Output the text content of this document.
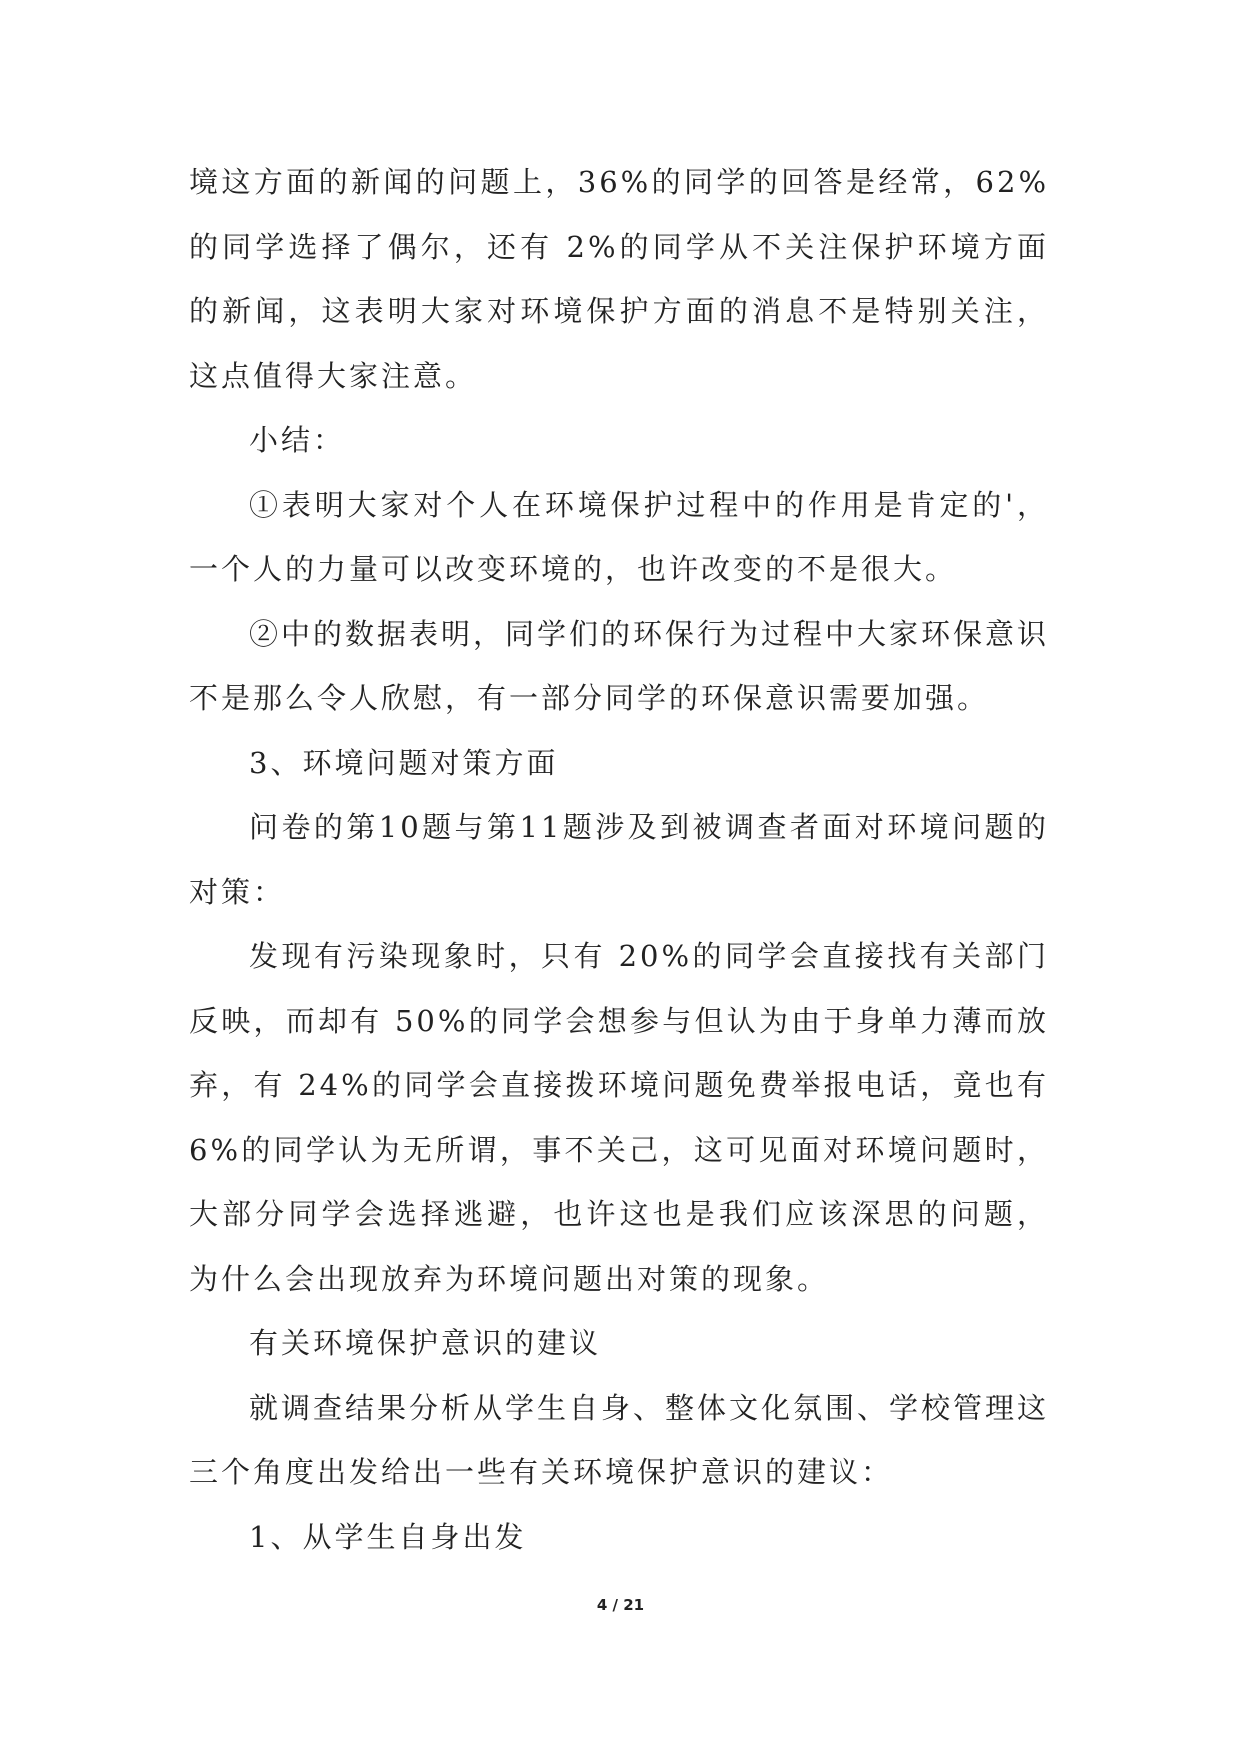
境这方面的新闻的问题上，36%的同学的回答是经常，62%的同学选择了偶尔，还有 2%的同学从不关注保护环境方面的新闻，这表明大家对环境保护方面的消息不是特别关注，这点值得大家注意。

小结：

①表明大家对个人在环境保护过程中的作用是肯定的'，一个人的力量可以改变环境的，也许改变的不是很大。

②中的数据表明，同学们的环保行为过程中大家环保意识不是那么令人欣慰，有一部分同学的环保意识需要加强。

3、环境问题对策方面

问卷的第10题与第11题涉及到被调查者面对环境问题的对策：

发现有污染现象时，只有 20%的同学会直接找有关部门反映，而却有 50%的同学会想参与但认为由于身单力薄而放弃，有 24%的同学会直接拨环境问题免费举报电话，竟也有 6%的同学认为无所谓，事不关己，这可见面对环境问题时，大部分同学会选择逃避，也许这也是我们应该深思的问题，为什么会出现放弃为环境问题出对策的现象。

有关环境保护意识的建议

就调查结果分析从学生自身、整体文化氛围、学校管理这三个角度出发给出一些有关环境保护意识的建议：

1、从学生自身出发

4 / 21
